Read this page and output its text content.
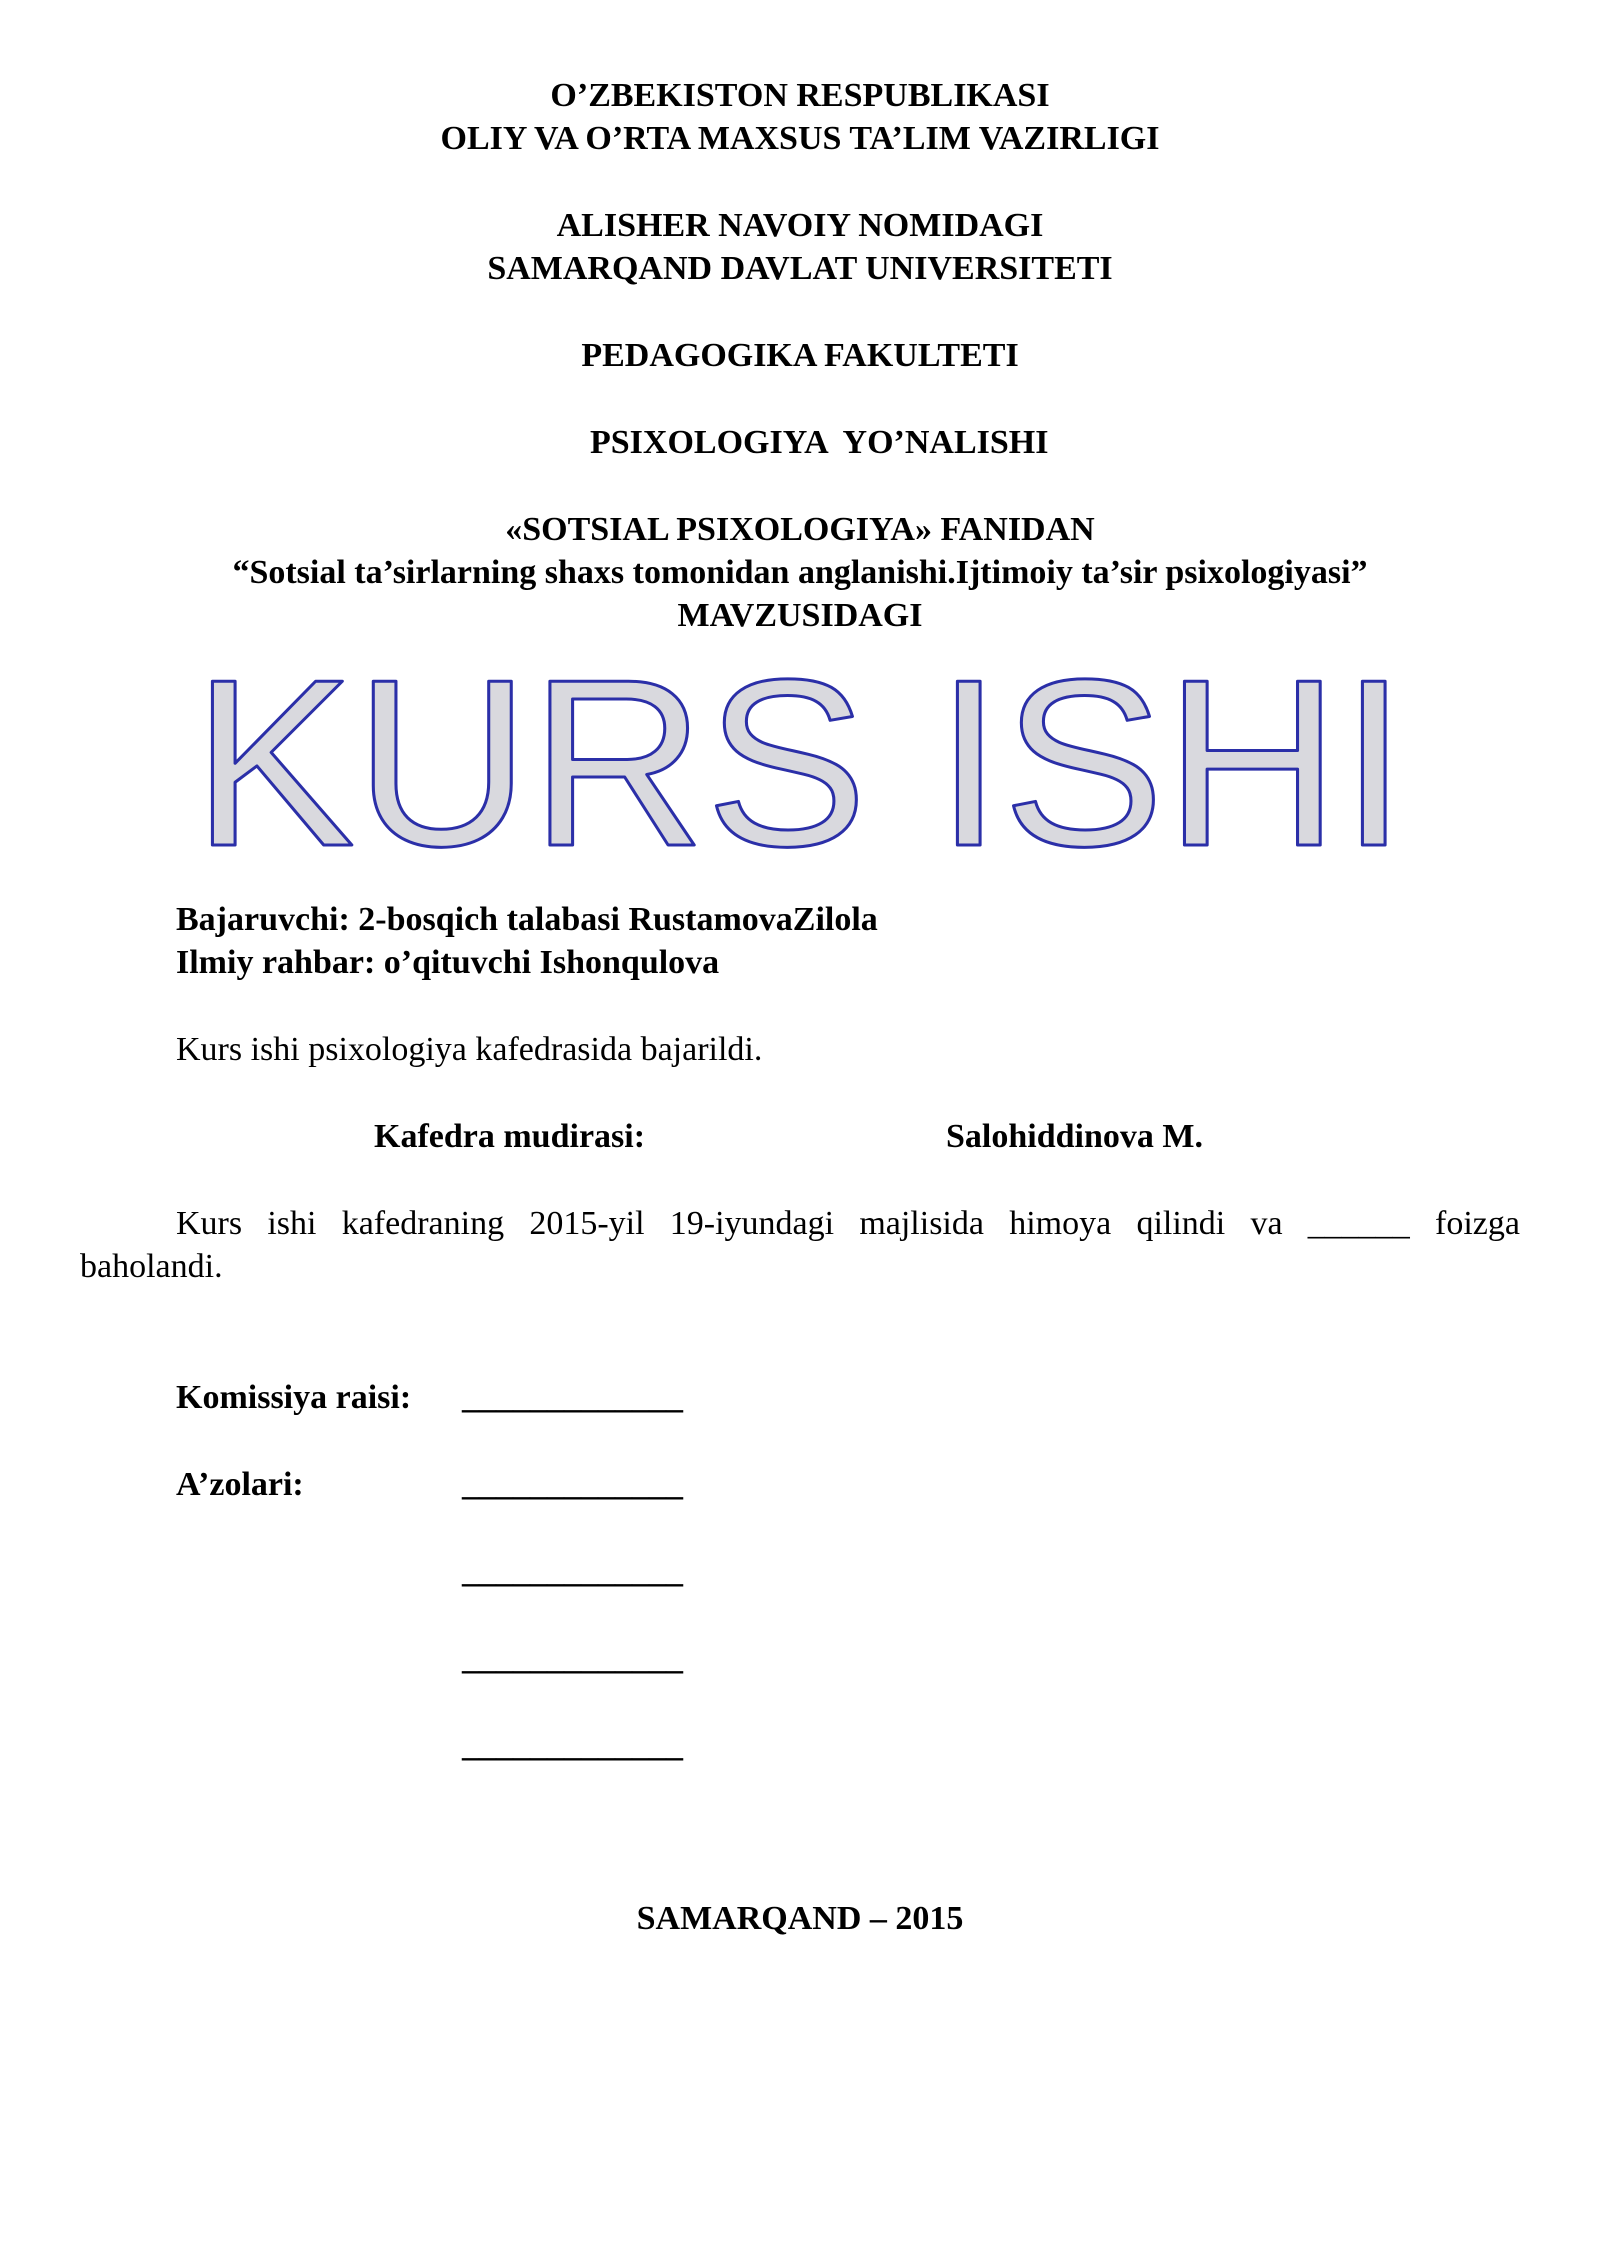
O’ZBEKISTON RESPUBLIKASI
OLIY VA O’RTA MAXSUS TA’LIM VAZIRLIGI
ALISHER NAVOIY NOMIDAGI
SAMARQAND DAVLAT UNIVERSITETI
PEDAGOGIKA FAKULTETI
PSIXOLOGIYA  YO’NALISHI
«SOTSIAL PSIXOLOGIYA» FANIDAN
“Sotsial ta’sirlarning shaxs tomonidan anglanishi.Ijtimoiy ta’sir psixologiyasi”
MAVZUSIDAGI
KURS ISHI
Bajaruvchi: 2-bosqich talabasi RustamovaZilola
Ilmiy rahbar: o’qituvchi Ishonqulova
Kurs ishi psixologiya kafedrasida bajarildi.
Kafedra mudirasi:	Salohiddinova M.
Kurs ishi kafedraning 2015-yil 19-iyundagi majlisida himoya qilindi va ______ foizga
baholandi.
Komissiya raisi: _____________
A’zolari:	_____________
_____________
_____________
_____________
SAMARQAND – 2015
